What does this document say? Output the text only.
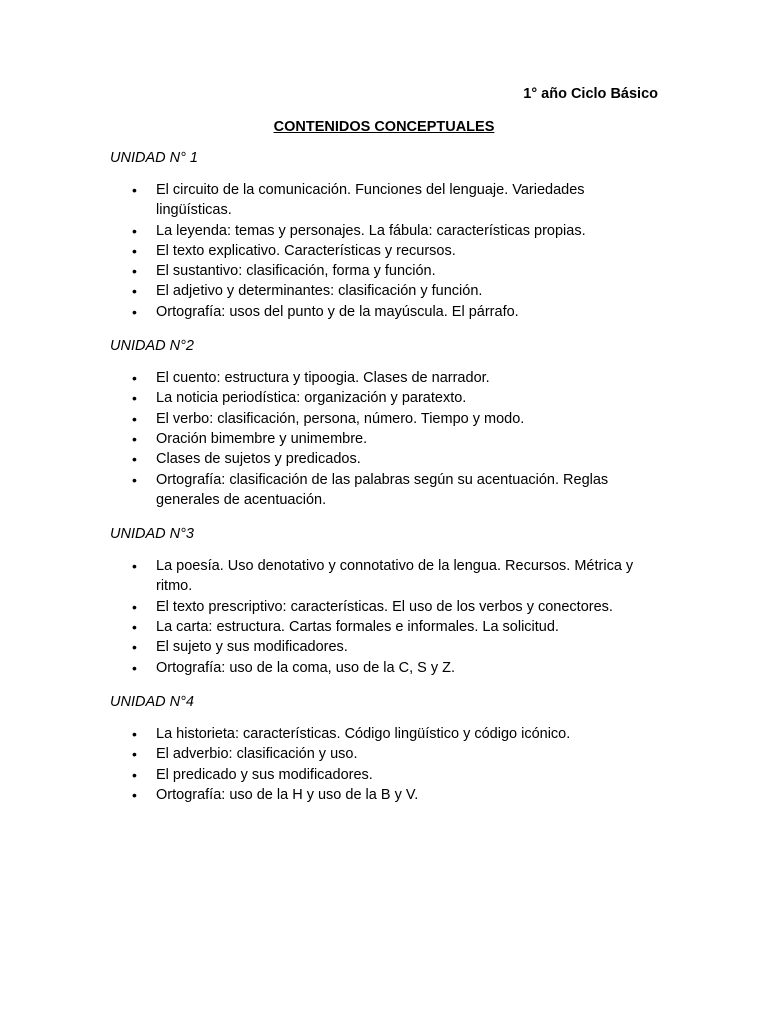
1° año Ciclo Básico
CONTENIDOS CONCEPTUALES
UNIDAD N° 1
• El circuito de la comunicación. Funciones del lenguaje. Variedades lingüísticas.
• La leyenda: temas y personajes. La fábula: características propias.
• El texto explicativo. Características y recursos.
• El sustantivo: clasificación, forma y función.
• El adjetivo y determinantes: clasificación y función.
• Ortografía: usos del punto y de la mayúscula. El párrafo.
UNIDAD N°2
• El cuento: estructura y tipoogia. Clases de narrador.
• La noticia periodística: organización y paratexto.
• El verbo: clasificación, persona, número. Tiempo y modo.
• Oración bimembre y unimembre.
• Clases de sujetos y predicados.
• Ortografía: clasificación de las palabras según su acentuación. Reglas generales de acentuación.
UNIDAD N°3
• La poesía. Uso denotativo y connotativo de la lengua. Recursos. Métrica y ritmo.
• El texto prescriptivo: características. El uso de los verbos y conectores.
• La carta: estructura. Cartas formales e informales. La solicitud.
• El sujeto y sus modificadores.
• Ortografía: uso de la coma, uso de la C, S y Z.
UNIDAD N°4
• La historieta: características. Código lingüístico y código icónico.
• El adverbio: clasificación y uso.
• El predicado y sus modificadores.
• Ortografía: uso de la H y uso de la B y V.
